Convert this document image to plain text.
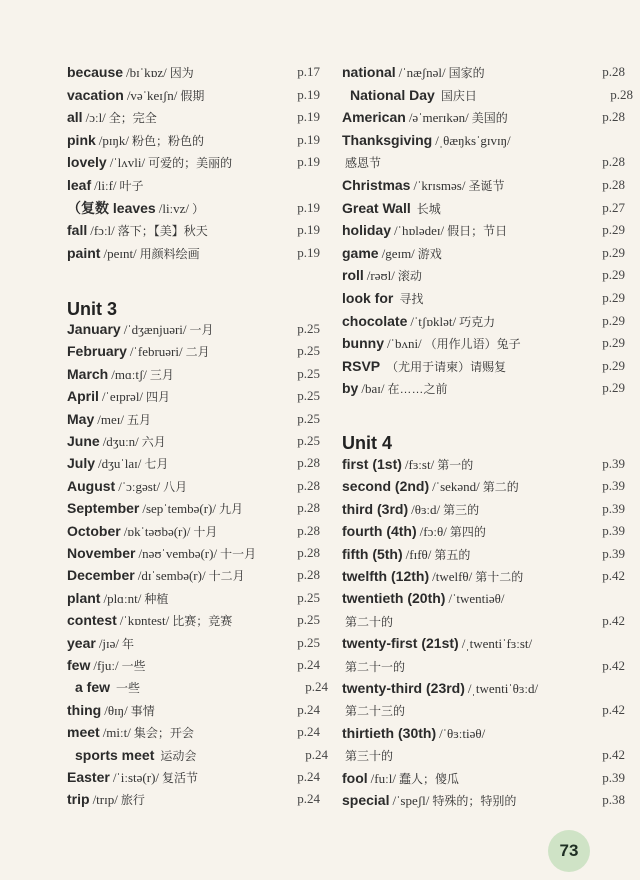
because /bɪˈkɒz/ 因为	p.17
vacation /vəˈkeɪʃn/ 假期	p.19
all /ɔːl/ 全；完全	p.19
pink /pɪŋk/ 粉色；粉色的	p.19
lovely /ˈlʌvli/ 可爱的；美丽的	p.19
leaf /liːf/ 叶子
（复数 leaves /liːvz/ ）	p.19
fall /fɔːl/ 落下；【美】秋天	p.19
paint /peɪnt/ 用颜料绘画	p.19
Unit 3
January /ˈdʒænjuəri/ 一月	p.25
February /ˈfebruəri/ 二月	p.25
March /mɑːtʃ/ 三月	p.25
April /ˈeɪprəl/ 四月	p.25
May /meɪ/ 五月	p.25
June /dʒuːn/ 六月	p.25
July /dʒuˈlaɪ/ 七月	p.28
August /ˈɔːgəst/ 八月	p.28
September /sepˈtembə(r)/ 九月	p.28
October /ɒkˈtəʊbə(r)/ 十月	p.28
November /nəʊˈvembə(r)/ 十一月	p.28
December /dɪˈsembə(r)/ 十二月	p.28
plant /plɑːnt/ 种植	p.25
contest /ˈkɒntest/ 比赛；竞赛	p.25
year /jɪə/ 年	p.25
few /fjuː/ 一些	p.24
a few 一些	p.24
thing /θɪŋ/ 事情	p.24
meet /miːt/ 集会；开会	p.24
sports meet 运动会	p.24
Easter /ˈiːstə(r)/ 复活节	p.24
trip /trɪp/ 旅行	p.24
national /ˈnæʃnəl/ 国家的	p.28
National Day 国庆日	p.28
American /əˈmerɪkən/ 美国的	p.28
Thanksgiving /ˌθæŋksˈgɪvɪŋ/
感恩节	p.28
Christmas /ˈkrɪsməs/ 圣诞节	p.28
Great Wall 长城	p.27
holiday /ˈhɒlədeɪ/ 假日；节日	p.29
game /geɪm/ 游戏	p.29
roll /rəʊl/ 滚动	p.29
look for 寻找	p.29
chocolate /ˈtʃɒklət/ 巧克力	p.29
bunny /ˈbʌni/ （用作儿语）兔子	p.29
RSVP （尤用于请柬）请赐复	p.29
by /baɪ/ 在……之前	p.29
Unit 4
first (1st) /fɜːst/ 第一的	p.39
second (2nd) /ˈsekənd/ 第二的	p.39
third (3rd) /θɜːd/ 第三的	p.39
fourth (4th) /fɔːθ/ 第四的	p.39
fifth (5th) /fɪfθ/ 第五的	p.39
twelfth (12th) /twelfθ/ 第十二的	p.42
twentieth (20th) /ˈtwentiəθ/
第二十的	p.42
twenty-first (21st) /ˌtwentiˈfɜːst/
第二十一的	p.42
twenty-third (23rd) /ˌtwentiˈθɜːd/
第二十三的	p.42
thirtieth (30th) /ˈθɜːtiəθ/
第三十的	p.42
fool /fuːl/ 蠢人；傻瓜	p.39
special /ˈspeʃl/ 特殊的；特别的	p.38
73
